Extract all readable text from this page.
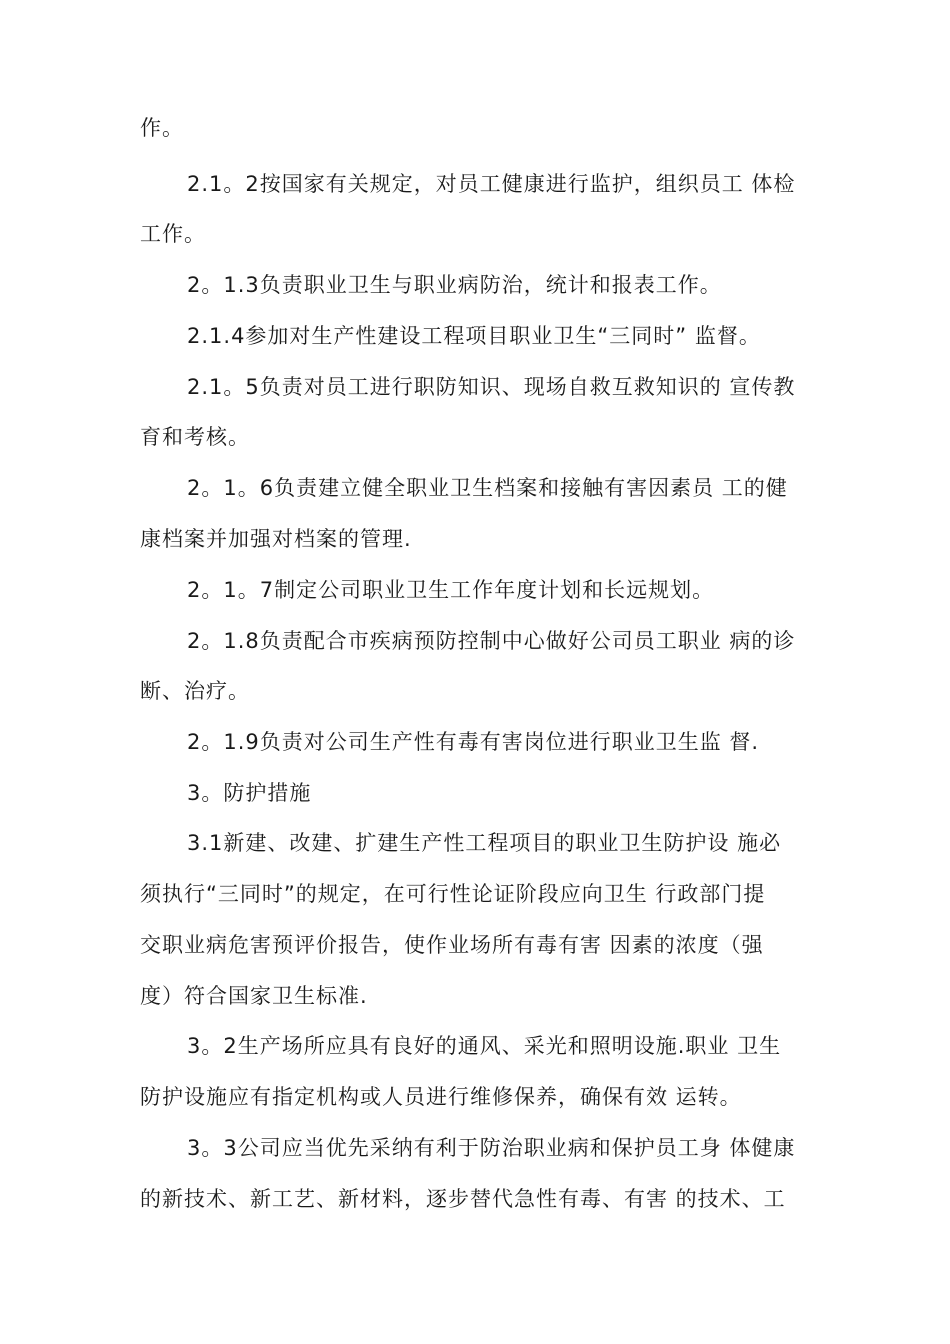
作。
2.1。2按国家有关规定，对员工健康进行监护，组织员工 体检
工作。
2。1.3负责职业卫生与职业病防治，统计和报表工作。
2.1.4参加对生产性建设工程项目职业卫生“三同时” 监督。
2.1。5负责对员工进行职防知识、现场自救互救知识的 宣传教
育和考核。
2。1。6负责建立健全职业卫生档案和接触有害因素员 工的健
康档案并加强对档案的管理.
2。1。7制定公司职业卫生工作年度计划和长远规划。
2。1.8负责配合市疾病预防控制中心做好公司员工职业 病的诊
断、治疗。
2。1.9负责对公司生产性有毒有害岗位进行职业卫生监 督.
3。防护措施
3.1新建、改建、扩建生产性工程项目的职业卫生防护设 施必
须执行“三同时”的规定，在可行性论证阶段应向卫生 行政部门提
交职业病危害预评价报告，使作业场所有毒有害 因素的浓度（强
度）符合国家卫生标准.
3。2生产场所应具有良好的通风、采光和照明设施.职业 卫生
防护设施应有指定机构或人员进行维修保养，确保有效 运转。
3。3公司应当优先采纳有利于防治职业病和保护员工身 体健康
的新技术、新工艺、新材料，逐步替代急性有毒、有害 的技术、工
